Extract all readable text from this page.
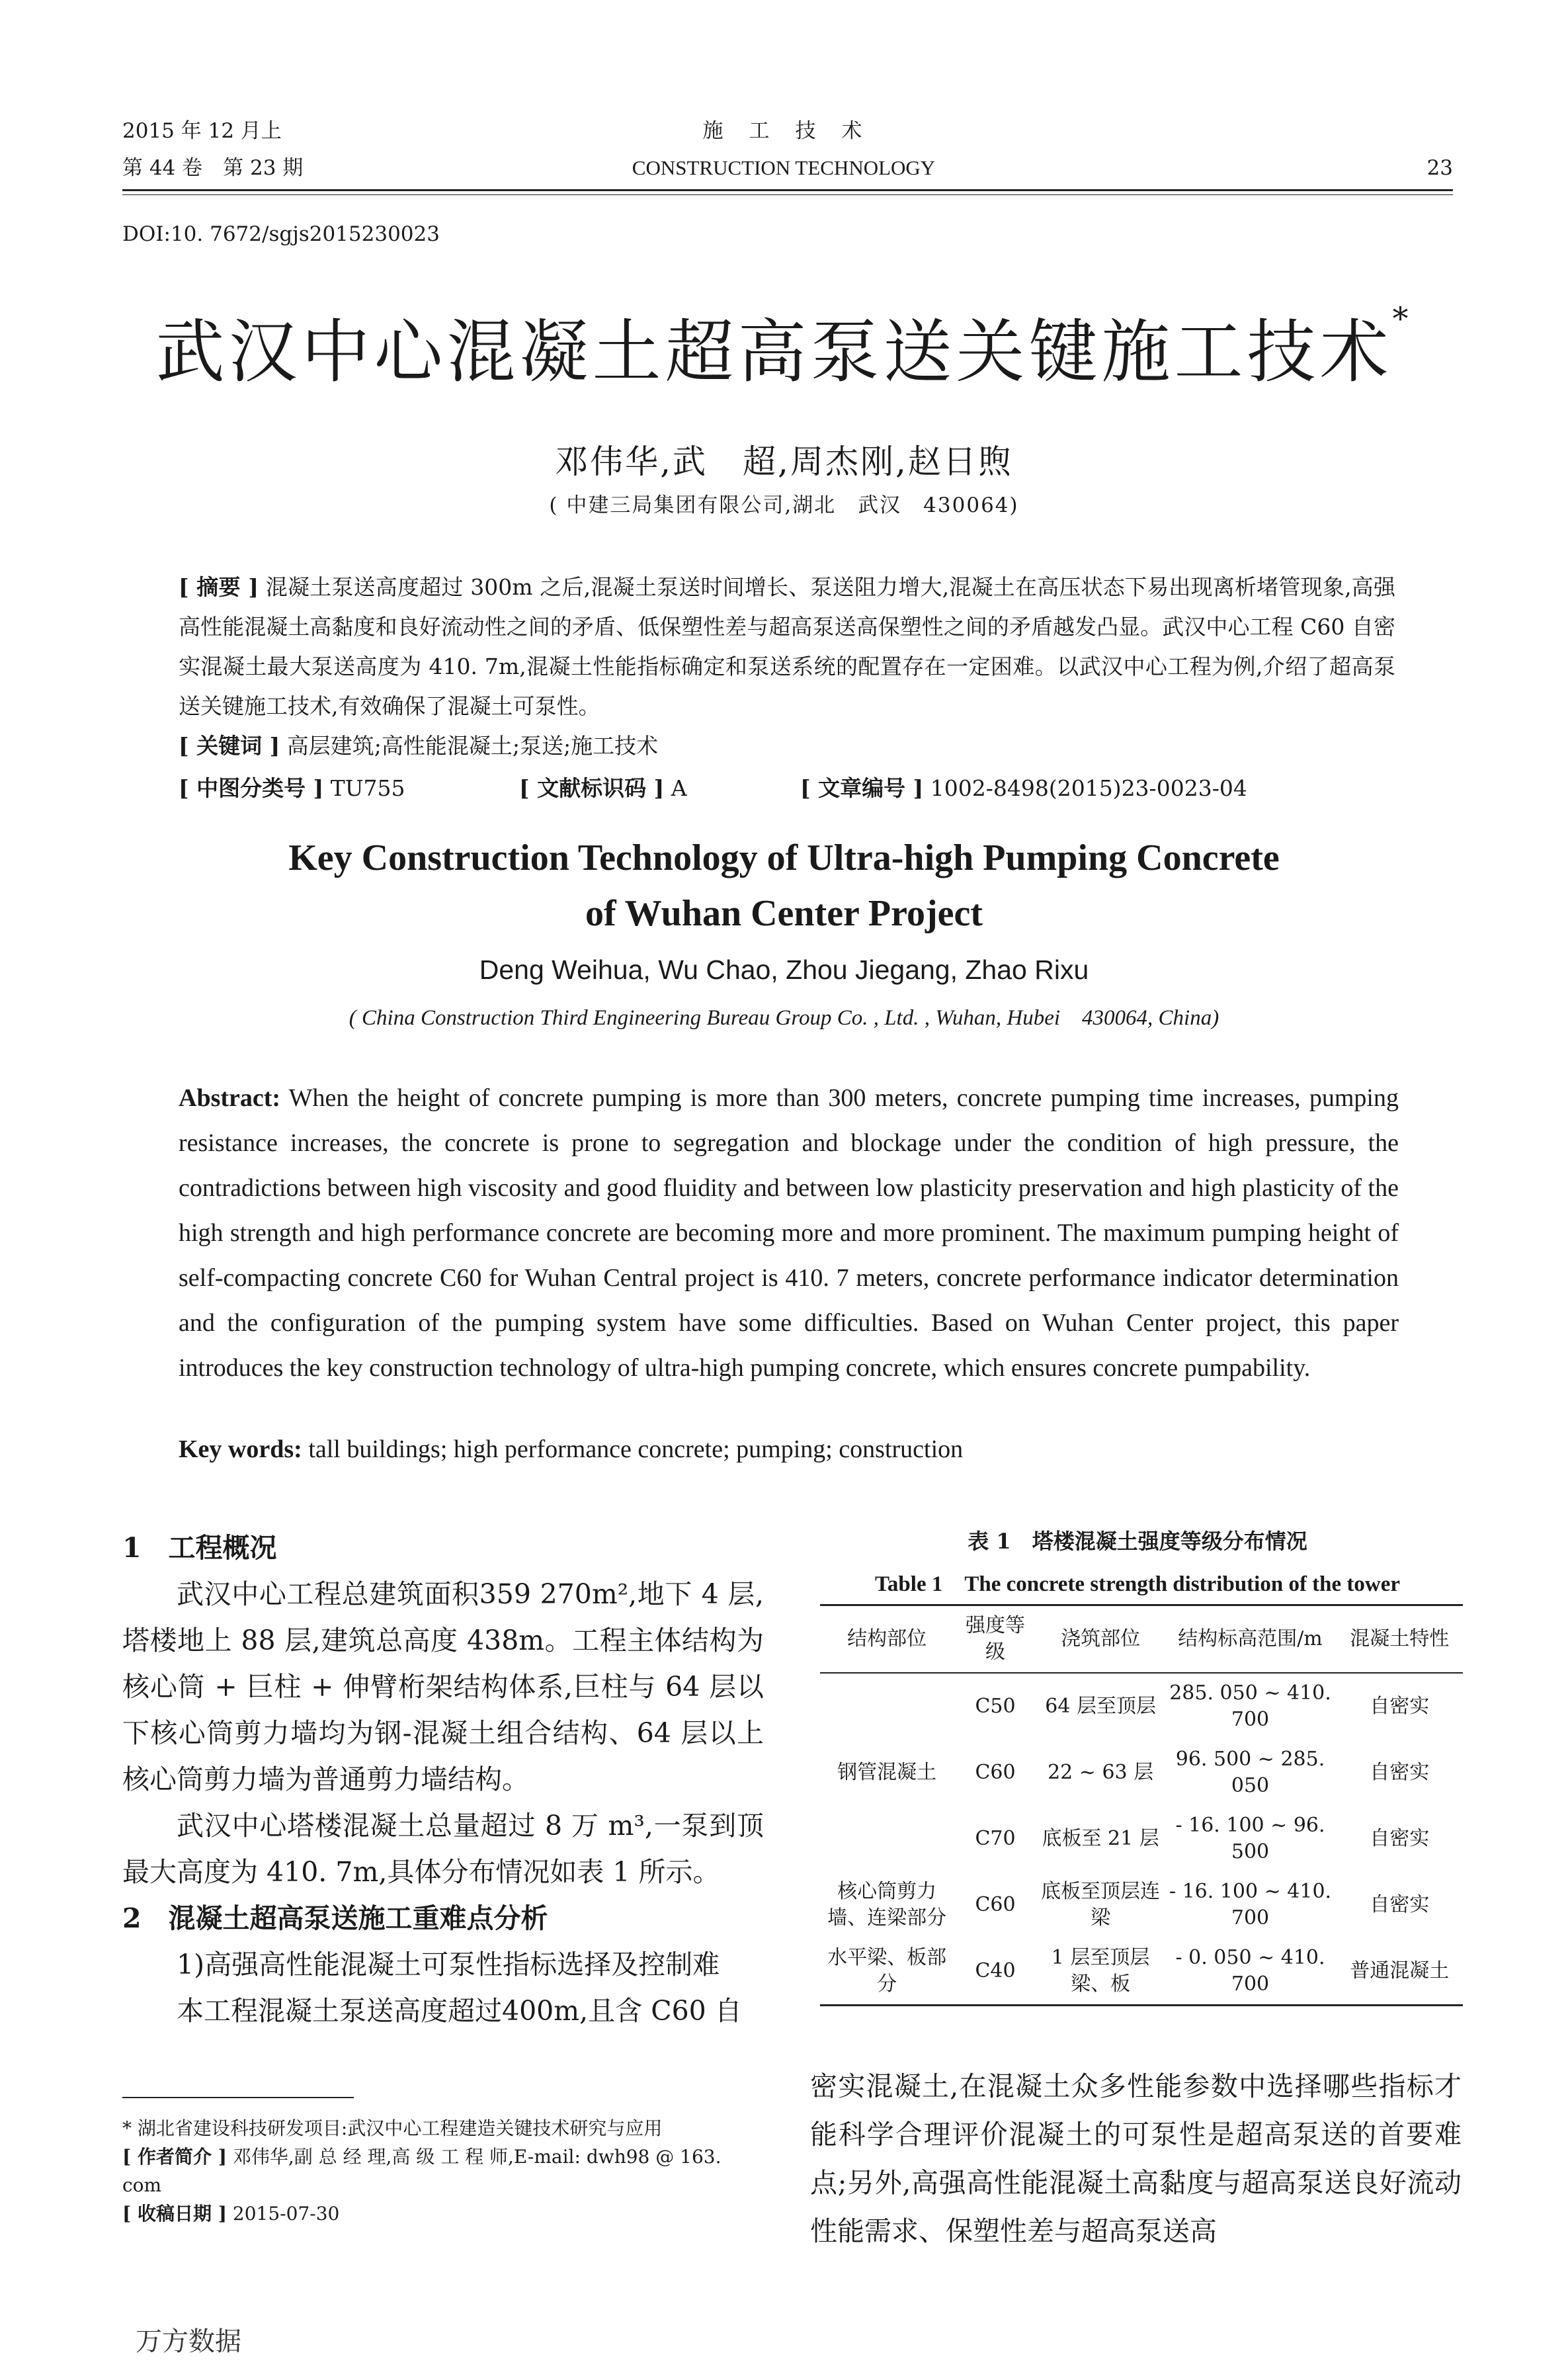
2015 年 12 月上
第 44 卷　第 23 期
施　工　技　术
CONSTRUCTION TECHNOLOGY	23
DOI:10. 7672/sgjs2015230023
武汉中心混凝土超高泵送关键施工技术*
邓伟华,武　超,周杰刚,赵日煦
( 中建三局集团有限公司,湖北　武汉　430064)
[ 摘要 ] 混凝土泵送高度超过 300m 之后,混凝土泵送时间增长、泵送阻力增大,混凝土在高压状态下易出现离析堵管现象,高强高性能混凝土高黏度和良好流动性之间的矛盾、低保塑性差与超高泵送高保塑性之间的矛盾越发凸显。武汉中心工程 C60 自密实混凝土最大泵送高度为 410. 7m,混凝土性能指标确定和泵送系统的配置存在一定困难。以武汉中心工程为例,介绍了超高泵送关键施工技术,有效确保了混凝土可泵性。
[ 关键词 ] 高层建筑;高性能混凝土;泵送;施工技术
[ 中图分类号 ] TU755	[ 文献标识码 ] A	[ 文章编号 ] 1002-8498(2015)23-0023-04
Key Construction Technology of Ultra-high Pumping Concrete
of Wuhan Center Project
Deng Weihua, Wu Chao, Zhou Jiegang, Zhao Rixu
( China Construction Third Engineering Bureau Group Co. , Ltd. , Wuhan, Hubei　430064, China)
Abstract: When the height of concrete pumping is more than 300 meters, concrete pumping time increases, pumping resistance increases, the concrete is prone to segregation and blockage under the condition of high pressure, the contradictions between high viscosity and good fluidity and between low plasticity preservation and high plasticity of the high strength and high performance concrete are becoming more and more prominent. The maximum pumping height of self-compacting concrete C60 for Wuhan Central project is 410. 7 meters, concrete performance indicator determination and the configuration of the pumping system have some difficulties. Based on Wuhan Center project, this paper introduces the key construction technology of ultra-high pumping concrete, which ensures concrete pumpability.
Key words: tall buildings; high performance concrete; pumping; construction

1　工程概况

武汉中心工程总建筑面积359 270m²,地下 4 层,塔楼地上 88 层,建筑总高度 438m。工程主体结构为核心筒 + 巨柱 + 伸臂桁架结构体系,巨柱与 64 层以下核心筒剪力墙均为钢-混凝土组合结构、64 层以上核心筒剪力墙为普通剪力墙结构。

武汉中心塔楼混凝土总量超过 8 万 m³,一泵到顶最大高度为 410. 7m,具体分布情况如表 1 所示。

2　混凝土超高泵送施工重难点分析

1)高强高性能混凝土可泵性指标选择及控制难

本工程混凝土泵送高度超过400m,且含 C60 自

表 1　塔楼混凝土强度等级分布情况
Table 1　The concrete strength distribution of the tower
结构部位	强度等级	浇筑部位	结构标高范围/m	混凝土特性
钢管混凝土	C50	64 层至顶层	285. 050 ~ 410. 700	自密实
	C60	22 ~ 63 层	96. 500 ~ 285. 050	自密实
	C70	底板至 21 层	- 16. 100 ~ 96. 500	自密实
核心筒剪力墙、连梁部分	C60	底板至顶层连梁	- 16. 100 ~ 410. 700	自密实
水平梁、板部分	C40	1 层至顶层梁、板	- 0. 050 ~ 410. 700	普通混凝土
密实混凝土,在混凝土众多性能参数中选择哪些指标才能科学合理评价混凝土的可泵性是超高泵送的首要难点;另外,高强高性能混凝土高黏度与超高泵送良好流动性能需求、保塑性差与超高泵送高

* 湖北省建设科技研发项目:武汉中心工程建造关键技术研究与应用

[ 作者简介 ] 邓伟华,副 总 经 理,高 级 工 程 师,E-mail: dwh98 @ 163. com

[ 收稿日期 ] 2015-07-30

万方数据
